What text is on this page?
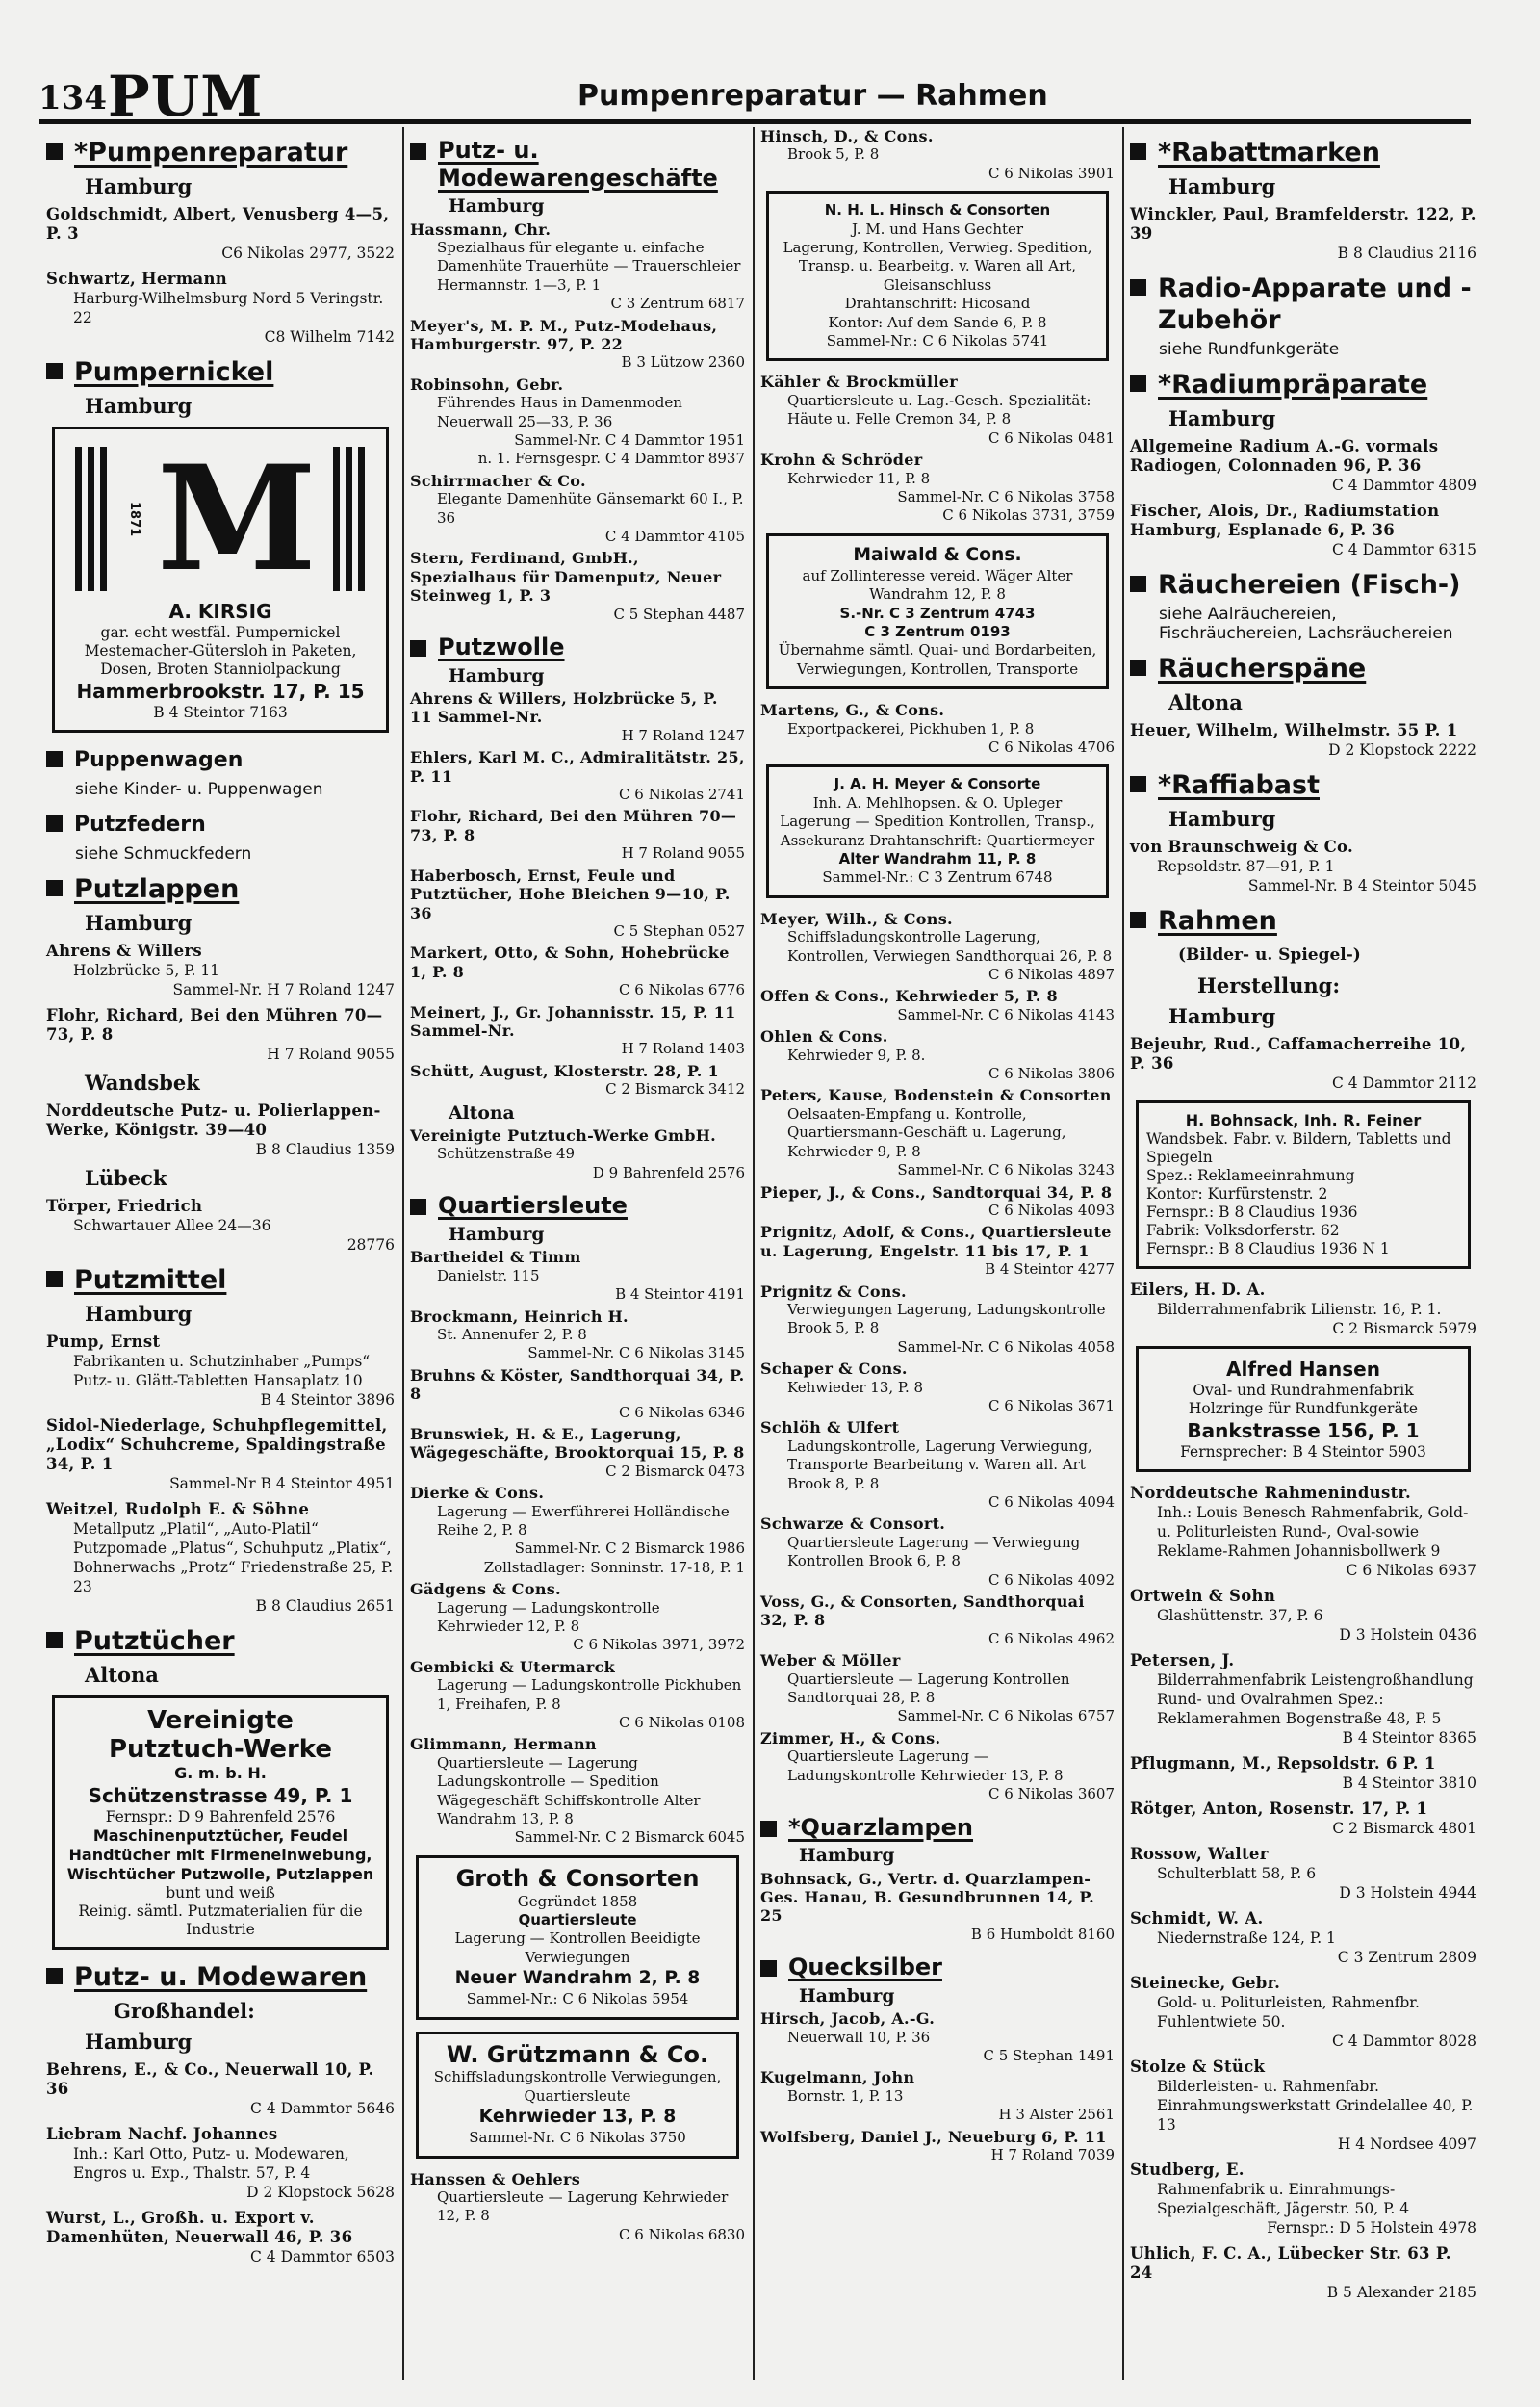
134 PUM	Pumpenreparatur — Rahmen
*Pumpenreparatur
Hamburg
Goldschmidt, Albert, Venusberg 4—5, P. 3
C6 Nikolas 2977, 3522
Schwartz, Hermann
Harburg-Wilhelmsburg Nord 5 Veringstr. 22
C8 Wilhelm 7142
Pumpernickel
Hamburg
1871 M
A. KIRSIG
gar. echt westfäl. Pumpernickel Mestemacher-Gütersloh in Paketen, Dosen, Broten Stanniolpackung
Hammerbrookstr. 17, P. 15
B 4 Steintor 7163
Puppenwagen
siehe Kinder- u. Puppenwagen
Putzfedern
siehe Schmuckfedern
Putzlappen
Hamburg
Ahrens & Willers
Holzbrücke 5, P. 11
Sammel-Nr. H 7 Roland 1247
Flohr, Richard, Bei den Mühren 70—73, P. 8
H 7 Roland 9055
Wandsbek
Norddeutsche Putz- u. Polierlappen-Werke, Königstr. 39—40
B 8 Claudius 1359
Lübeck
Törper, Friedrich
Schwartauer Allee 24—36
28776
Putzmittel
Hamburg
Pump, Ernst
Fabrikanten u. Schutzinhaber „Pumps“ Putz- u. Glätt-Tabletten Hansaplatz 10
B 4 Steintor 3896
Sidol-Niederlage, Schuhpflegemittel, „Lodix“ Schuhcreme, Spaldingstraße 34, P. 1
Sammel-Nr B 4 Steintor 4951
Weitzel, Rudolph E. & Söhne
Metallputz „Platil“, „Auto-Platil“ Putzpomade „Platus“, Schuhputz „Platix“, Bohnerwachs „Protz“ Friedenstraße 25, P. 23
B 8 Claudius 2651
Putztücher
Altona
Vereinigte
Putztuch-Werke
G. m. b. H.
Schützenstrasse 49, P. 1
Fernspr.: D 9 Bahrenfeld 2576
Maschinenputztücher, Feudel Handtücher mit Firmeneinwebung, Wischtücher Putzwolle, Putzlappen
bunt und weiß
Reinig. sämtl. Putzmaterialien für die Industrie
Putz- u. Modewaren
Großhandel:
Hamburg
Behrens, E., & Co., Neuerwall 10, P. 36
C 4 Dammtor 5646
Liebram Nachf. Johannes
Inh.: Karl Otto, Putz- u. Modewaren, Engros u. Exp., Thalstr. 57, P. 4
D 2 Klopstock 5628
Wurst, L., Großh. u. Export v. Damenhüten, Neuerwall 46, P. 36
C 4 Dammtor 6503
Putz- u. Modewarengeschäfte
Hamburg
Hassmann, Chr.
Spezialhaus für elegante u. einfache Damenhüte Trauerhüte — Trauerschleier Hermannstr. 1—3, P. 1
C 3 Zentrum 6817
Meyer's, M. P. M., Putz-Modehaus, Hamburgerstr. 97, P. 22
B 3 Lützow 2360
Robinsohn, Gebr.
Führendes Haus in Damenmoden Neuerwall 25—33, P. 36
Sammel-Nr. C 4 Dammtor 1951
n. 1. Fernsgespr. C 4 Dammtor 8937
Schirrmacher & Co.
Elegante Damenhüte Gänsemarkt 60 I., P. 36
C 4 Dammtor 4105
Stern, Ferdinand, GmbH., Spezialhaus für Damenputz, Neuer Steinweg 1, P. 3
C 5 Stephan 4487
Putzwolle
Hamburg
Ahrens & Willers, Holzbrücke 5, P. 11 Sammel-Nr.
H 7 Roland 1247
Ehlers, Karl M. C., Admiralitätstr. 25, P. 11
C 6 Nikolas 2741
Flohr, Richard, Bei den Mühren 70—73, P. 8
H 7 Roland 9055
Haberbosch, Ernst, Feule und Putztücher, Hohe Bleichen 9—10, P. 36
C 5 Stephan 0527
Markert, Otto, & Sohn, Hohebrücke 1, P. 8
C 6 Nikolas 6776
Meinert, J., Gr. Johannisstr. 15, P. 11 Sammel-Nr.
H 7 Roland 1403
Schütt, August, Klosterstr. 28, P. 1
C 2 Bismarck 3412
Altona
Vereinigte Putztuch-Werke GmbH.
Schützenstraße 49
D 9 Bahrenfeld 2576
Quartiersleute
Hamburg
Bartheidel & Timm
Danielstr. 115
B 4 Steintor 4191
Brockmann, Heinrich H.
St. Annenufer 2, P. 8
Sammel-Nr. C 6 Nikolas 3145
Bruhns & Köster, Sandthorquai 34, P. 8
C 6 Nikolas 6346
Brunswiek, H. & E., Lagerung, Wägegeschäfte, Brooktorquai 15, P. 8
C 2 Bismarck 0473
Dierke & Cons.
Lagerung — Ewerführerei Holländische Reihe 2, P. 8
Sammel-Nr. C 2 Bismarck 1986
Zollstadlager: Sonninstr. 17-18, P. 1
Gädgens & Cons.
Lagerung — Ladungskontrolle Kehrwieder 12, P. 8
C 6 Nikolas 3971, 3972
Gembicki & Utermarck
Lagerung — Ladungskontrolle Pickhuben 1, Freihafen, P. 8
C 6 Nikolas 0108
Glimmann, Hermann
Quartiersleute — Lagerung Ladungskontrolle — Spedition Wägegeschäft Schiffskontrolle Alter Wandrahm 13, P. 8
Sammel-Nr. C 2 Bismarck 6045
Groth & Consorten
Gegründet 1858
Quartiersleute
Lagerung — Kontrollen Beeidigte Verwiegungen
Neuer Wandrahm 2, P. 8
Sammel-Nr.: C 6 Nikolas 5954
W. Grützmann & Co.
Schiffsladungskontrolle Verwiegungen, Quartiersleute
Kehrwieder 13, P. 8
Sammel-Nr. C 6 Nikolas 3750
Hanssen & Oehlers
Quartiersleute — Lagerung Kehrwieder 12, P. 8
C 6 Nikolas 6830
Hinsch, D., & Cons.
Brook 5, P. 8
C 6 Nikolas 3901
N. H. L. Hinsch & Consorten
J. M. und Hans Gechter
Lagerung, Kontrollen, Verwieg. Spedition, Transp. u. Bearbeitg. v. Waren all Art, Gleisanschluss
Drahtanschrift: Hicosand
Kontor: Auf dem Sande 6, P. 8
Sammel-Nr.: C 6 Nikolas 5741
Kähler & Brockmüller
Quartiersleute u. Lag.-Gesch. Spezialität: Häute u. Felle Cremon 34, P. 8
C 6 Nikolas 0481
Krohn & Schröder
Kehrwieder 11, P. 8
Sammel-Nr. C 6 Nikolas 3758
C 6 Nikolas 3731, 3759
Maiwald & Cons.
auf Zollinteresse vereid. Wäger Alter Wandrahm 12, P. 8
S.-Nr. C 3 Zentrum 4743
C 3 Zentrum 0193
Übernahme sämtl. Quai- und Bordarbeiten, Verwiegungen, Kontrollen, Transporte
Martens, G., & Cons.
Exportpackerei, Pickhuben 1, P. 8
C 6 Nikolas 4706
J. A. H. Meyer & Consorte
Inh. A. Mehlhopsen. & O. Upleger Lagerung — Spedition Kontrollen, Transp., Assekuranz Drahtanschrift: Quartiermeyer
Alter Wandrahm 11, P. 8
Sammel-Nr.: C 3 Zentrum 6748
Meyer, Wilh., & Cons.
Schiffsladungskontrolle Lagerung, Kontrollen, Verwiegen Sandthorquai 26, P. 8
C 6 Nikolas 4897
Offen & Cons., Kehrwieder 5, P. 8
Sammel-Nr. C 6 Nikolas 4143
Ohlen & Cons.
Kehrwieder 9, P. 8.
C 6 Nikolas 3806
Peters, Kause, Bodenstein & Consorten
Oelsaaten-Empfang u. Kontrolle, Quartiersmann-Geschäft u. Lagerung, Kehrwieder 9, P. 8
Sammel-Nr. C 6 Nikolas 3243
Pieper, J., & Cons., Sandtorquai 34, P. 8
C 6 Nikolas 4093
Prignitz, Adolf, & Cons., Quartiersleute u. Lagerung, Engelstr. 11 bis 17, P. 1
B 4 Steintor 4277
Prignitz & Cons.
Verwiegungen Lagerung, Ladungskontrolle Brook 5, P. 8
Sammel-Nr. C 6 Nikolas 4058
Schaper & Cons.
Kehwieder 13, P. 8
C 6 Nikolas 3671
Schlöh & Ulfert
Ladungskontrolle, Lagerung Verwiegung, Transporte Bearbeitung v. Waren all. Art Brook 8, P. 8
C 6 Nikolas 4094
Schwarze & Consort.
Quartiersleute Lagerung — Verwiegung Kontrollen Brook 6, P. 8
C 6 Nikolas 4092
Voss, G., & Consorten, Sandthorquai 32, P. 8
C 6 Nikolas 4962
Weber & Möller
Quartiersleute — Lagerung Kontrollen Sandtorquai 28, P. 8
Sammel-Nr. C 6 Nikolas 6757
Zimmer, H., & Cons.
Quartiersleute Lagerung — Ladungskontrolle Kehrwieder 13, P. 8
C 6 Nikolas 3607
*Quarzlampen
Hamburg
Bohnsack, G., Vertr. d. Quarzlampen-Ges. Hanau, B. Gesundbrunnen 14, P. 25
B 6 Humboldt 8160
Quecksilber
Hamburg
Hirsch, Jacob, A.-G.
Neuerwall 10, P. 36
C 5 Stephan 1491
Kugelmann, John
Bornstr. 1, P. 13
H 3 Alster 2561
Wolfsberg, Daniel J., Neueburg 6, P. 11
H 7 Roland 7039
*Rabattmarken
Hamburg
Winckler, Paul, Bramfelderstr. 122, P. 39
B 8 Claudius 2116
Radio-Apparate und -Zubehör
siehe Rundfunkgeräte
*Radiumpräparate
Hamburg
Allgemeine Radium A.-G. vormals Radiogen, Colonnaden 96, P. 36
C 4 Dammtor 4809
Fischer, Alois, Dr., Radiumstation Hamburg, Esplanade 6, P. 36
C 4 Dammtor 6315
Räuchereien (Fisch-)
siehe Aalräuchereien, Fischräuchereien, Lachsräuchereien
Räucherspäne
Altona
Heuer, Wilhelm, Wilhelmstr. 55 P. 1
D 2 Klopstock 2222
*Raffiabast
Hamburg
von Braunschweig & Co.
Repsoldstr. 87—91, P. 1
Sammel-Nr. B 4 Steintor 5045
Rahmen
(Bilder- u. Spiegel-)
Herstellung:
Hamburg
Bejeuhr, Rud., Caffamacherreihe 10, P. 36
C 4 Dammtor 2112
H. Bohnsack, Inh. R. Feiner
Wandsbek. Fabr. v. Bildern, Tabletts und Spiegeln
Spez.: Reklameeinrahmung
Kontor: Kurfürstenstr. 2
Fernspr.: B 8 Claudius 1936
Fabrik: Volksdorferstr. 62
Fernspr.: B 8 Claudius 1936 N 1
Eilers, H. D. A.
Bilderrahmenfabrik Lilienstr. 16, P. 1.
C 2 Bismarck 5979
Alfred Hansen
Oval- und Rundrahmenfabrik
Holzringe für Rundfunkgeräte
Bankstrasse 156, P. 1
Fernsprecher: B 4 Steintor 5903
Norddeutsche Rahmenindustr.
Inh.: Louis Benesch Rahmenfabrik, Gold-u. Politurleisten Rund-, Oval-sowie Reklame-Rahmen Johannisbollwerk 9
C 6 Nikolas 6937
Ortwein & Sohn
Glashüttenstr. 37, P. 6
D 3 Holstein 0436
Petersen, J.
Bilderrahmenfabrik Leistengroßhandlung Rund- und Ovalrahmen Spez.: Reklamerahmen Bogenstraße 48, P. 5
B 4 Steintor 8365
Pflugmann, M., Repsoldstr. 6 P. 1
B 4 Steintor 3810
Rötger, Anton, Rosenstr. 17, P. 1
C 2 Bismarck 4801
Rossow, Walter
Schulterblatt 58, P. 6
D 3 Holstein 4944
Schmidt, W. A.
Niedernstraße 124, P. 1
C 3 Zentrum 2809
Steinecke, Gebr.
Gold- u. Politurleisten, Rahmenfbr. Fuhlentwiete 50.
C 4 Dammtor 8028
Stolze & Stück
Bilderleisten- u. Rahmenfabr. Einrahmungswerkstatt Grindelallee 40, P. 13
H 4 Nordsee 4097
Studberg, E.
Rahmenfabrik u. Einrahmungs-Spezialgeschäft, Jägerstr. 50, P. 4
Fernspr.: D 5 Holstein 4978
Uhlich, F. C. A., Lübecker Str. 63 P. 24
B 5 Alexander 2185
